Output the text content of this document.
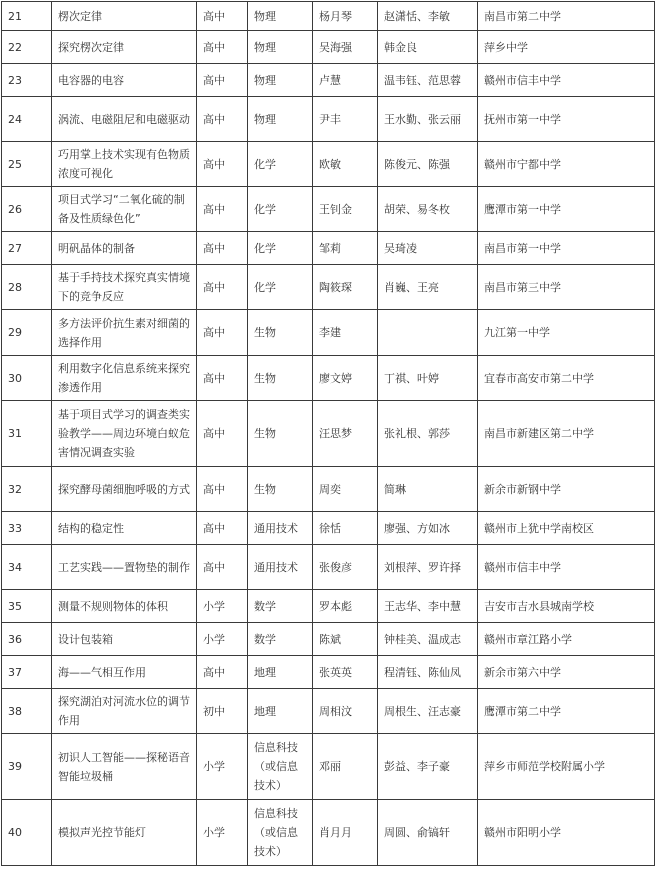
21	楞次定律	高中	物理	杨月琴	赵潇恬、李敏	南昌市第二中学
22	探究楞次定律	高中	物理	吴海强	韩金良	萍乡中学
23	电容器的电容	高中	物理	卢慧	温韦钰、范思蓉	赣州市信丰中学
24	涡流、电磁阻尼和电磁驱动	高中	物理	尹丰	王水勤、张云丽	抚州市第一中学
25	巧用掌上技术实现有色物质浓度可视化	高中	化学	欧敏	陈俊元、陈强	赣州市宁都中学
26	项目式学习“二氧化硫的制备及性质绿色化”	高中	化学	王钊金	胡荣、易冬枚	鹰潭市第一中学
27	明矾晶体的制备	高中	化学	邹莉	吴琦凌	南昌市第一中学
28	基于手持技术探究真实情境下的竞争反应	高中	化学	陶筱琛	肖巍、王亮	南昌市第三中学
29	多方法评价抗生素对细菌的选择作用	高中	生物	李建		九江第一中学
30	利用数字化信息系统来探究渗透作用	高中	生物	廖文婷	丁祺、叶婷	宜春市高安市第二中学
31	基于项目式学习的调查类实验教学——周边环境白蚁危害情况调查实验	高中	生物	汪思梦	张礼根、郭莎	南昌市新建区第二中学
32	探究酵母菌细胞呼吸的方式	高中	生物	周奕	简琳	新余市新钢中学
33	结构的稳定性	高中	通用技术	徐恬	廖强、方如冰	赣州市上犹中学南校区
34	工艺实践——置物垫的制作	高中	通用技术	张俊彦	刘根萍、罗许择	赣州市信丰中学
35	测量不规则物体的体积	小学	数学	罗本彪	王志华、李中慧	吉安市吉水县城南学校
36	设计包装箱	小学	数学	陈斌	钟桂美、温成志	赣州市章江路小学
37	海——气相互作用	高中	地理	张英英	程清钰、陈仙凤	新余市第六中学
38	探究湖泊对河流水位的调节作用	初中	地理	周相汶	周根生、汪志豪	鹰潭市第二中学
39	初识人工智能——探秘语音智能垃圾桶	小学	信息科技（或信息技术）	邓丽	彭益、李子豪	萍乡市师范学校附属小学
40	模拟声光控节能灯	小学	信息科技（或信息技术）	肖月月	周圆、俞镐轩	赣州市阳明小学
